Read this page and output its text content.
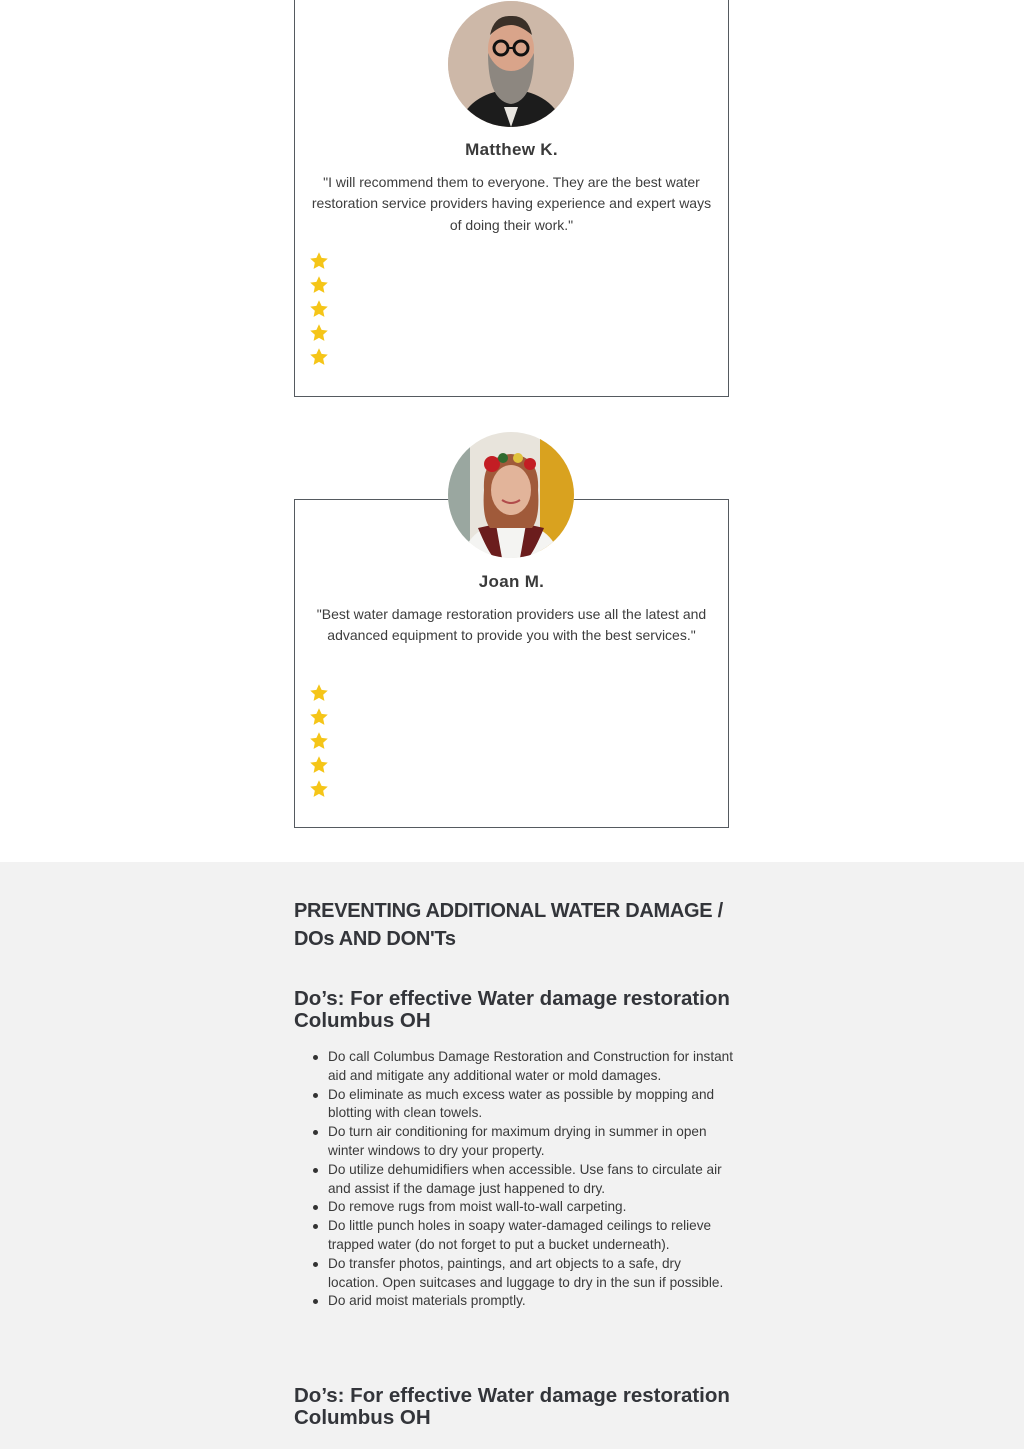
Matthew K.
"I will recommend them to everyone. They are the best water restoration service providers having experience and expert ways of doing their work."
Joan M.
"Best water damage restoration providers use all the latest and advanced equipment to provide you with the best services."
PREVENTING ADDITIONAL WATER DAMAGE / DOs AND DON'Ts
Do’s: For effective Water damage restoration Columbus OH
Do call Columbus Damage Restoration and Construction for instant aid and mitigate any additional water or mold damages.
Do eliminate as much excess water as possible by mopping and blotting with clean towels.
Do turn air conditioning for maximum drying in summer in open winter windows to dry your property.
Do utilize dehumidifiers when accessible. Use fans to circulate air and assist if the damage just happened to dry.
Do remove rugs from moist wall-to-wall carpeting.
Do little punch holes in soapy water-damaged ceilings to relieve trapped water (do not forget to put a bucket underneath).
Do transfer photos, paintings, and art objects to a safe, dry location. Open suitcases and luggage to dry in the sun if possible.
Do arid moist materials promptly.
Do’s: For effective Water damage restoration Columbus OH
